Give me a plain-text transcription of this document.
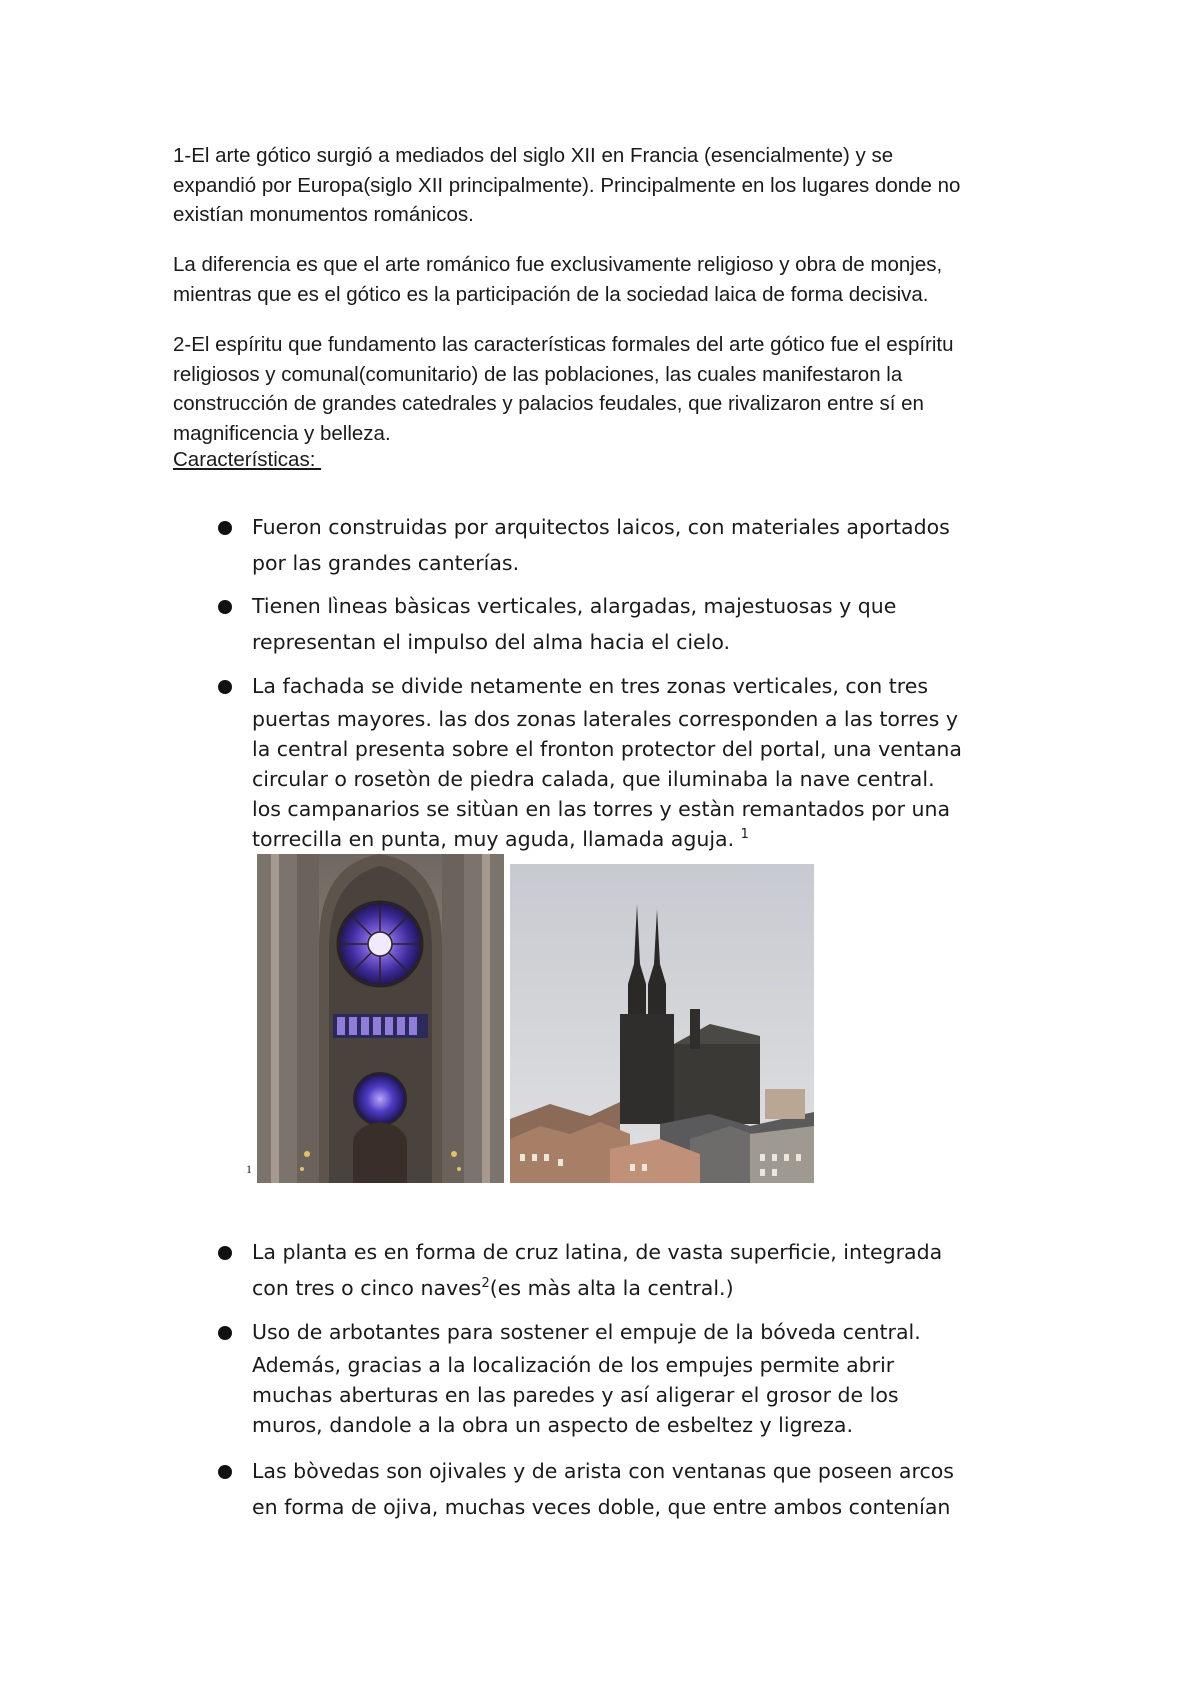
1-El arte gótico surgió a mediados del siglo XII en Francia (esencialmente) y se
expandió por Europa(siglo XII principalmente). Principalmente en los lugares donde no
existían monumentos románicos.
La diferencia es que el arte románico fue exclusivamente religioso y obra de monjes,
mientras que es el gótico es la participación de la sociedad laica de forma decisiva.
2-El espíritu que fundamento las características formales del arte gótico fue el espíritu
religiosos y comunal(comunitario) de las poblaciones, las cuales manifestaron la
construcción de grandes catedrales y palacios feudales, que rivalizaron entre sí en
magnificencia y belleza.
Características:
Fueron construidas por arquitectos laicos, con materiales aportados
por las grandes canterías.
Tienen lìneas bàsicas verticales, alargadas, majestuosas y que
representan el impulso del alma hacia el cielo.
La fachada se divide netamente en tres zonas verticales, con tres
puertas mayores. las dos zonas laterales corresponden a las torres y
la central presenta sobre el fronton protector del portal, una ventana
circular o rosetòn de piedra calada, que iluminaba la nave central.
los campanarios se sitùan en las torres y estàn remantados por una
torrecilla en punta, muy aguda, llamada aguja. $^1$
La planta es en forma de cruz latina, de vasta superficie, integrada
con tres o cinco naves$^2$(es màs alta la central.)
Uso de arbotantes para sostener el empuje de la bóveda central.
Además, gracias a la localización de los empujes permite abrir
muchas aberturas en las paredes y así aligerar el grosor de los
muros, dandole a la obra un aspecto de esbeltez y ligreza.
Las bòvedas son ojivales y de arista con ventanas que poseen arcos
en forma de ojiva, muchas veces doble, que entre ambos contenían
1
